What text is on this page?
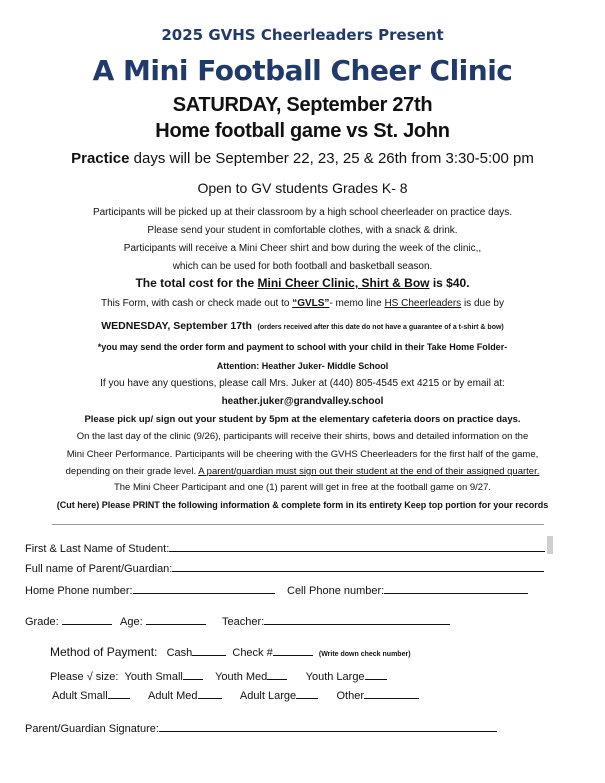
2025 GVHS Cheerleaders Present
A Mini Football Cheer Clinic
SATURDAY, September 27th
Home football game vs St. John
Practice days will be September 22, 23, 25 & 26th from 3:30-5:00 pm
Open to GV students Grades K- 8
Participants will be picked up at their classroom by a high school cheerleader on practice days.
Please send your student in comfortable clothes, with a snack & drink.
Participants will receive a Mini Cheer shirt and bow during the week of the clinic,,
which can be used for both football and basketball season.
The total cost for the Mini Cheer Clinic, Shirt & Bow is $40.
This Form, with cash or check made out to “GVLS”- memo line HS Cheerleaders is due by
WEDNESDAY, September 17th (orders received after this date do not have a guarantee of a t-shirt & bow)
*you may send the order form and payment to school with your child in their Take Home Folder-
Attention: Heather Juker- Middle School
If you have any questions, please call Mrs. Juker at (440) 805-4545 ext 4215 or by email at:
heather.juker@grandvalley.school
Please pick up/ sign out your student by 5pm at the elementary cafeteria doors on practice days.
On the last day of the clinic (9/26), participants will receive their shirts, bows and detailed information on the
Mini Cheer Performance. Participants will be cheering with the GVHS Cheerleaders for the first half of the game,
depending on their grade level. A parent/guardian must sign out their student at the end of their assigned quarter.
The Mini Cheer Participant and one (1) parent will get in free at the football game on 9/27.
(Cut here) Please PRINT the following information & complete form in its entirety Keep top portion for your records
First & Last Name of Student:
Full name of Parent/Guardian:
Home Phone number:	Cell Phone number:
Grade:	Age:	Teacher:
Method of Payment: Cash	Check #	(Write down check number)
Please √ size: Youth Small	Youth Med	Youth Large
Adult Small	Adult Med	Adult Large	Other
Parent/Guardian Signature:
